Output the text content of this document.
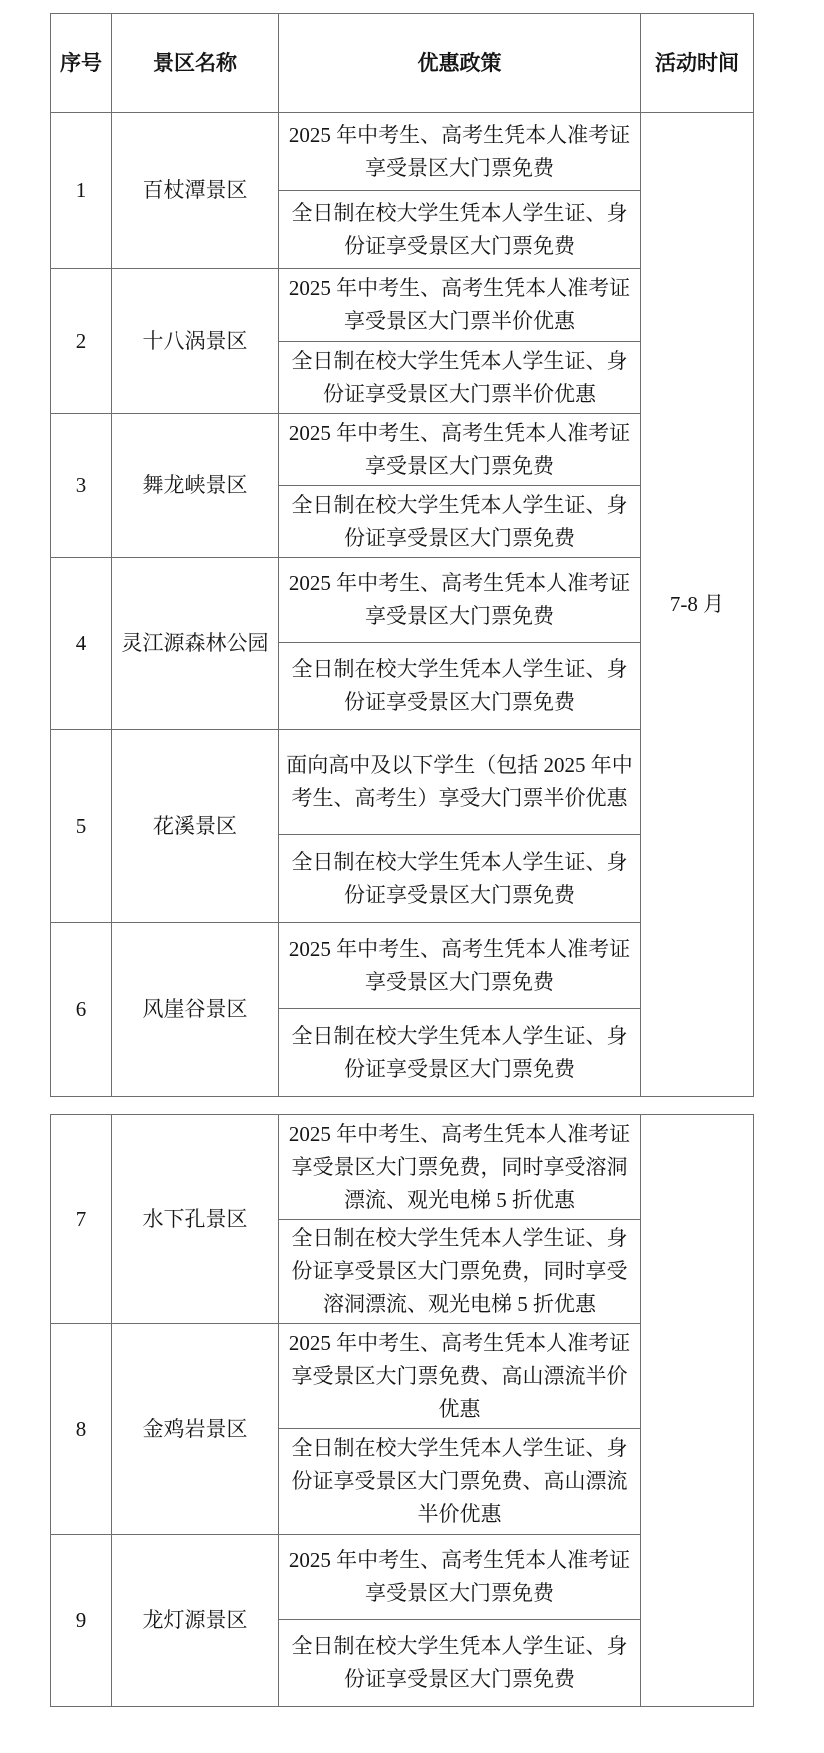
序号	景区名称	优惠政策	活动时间
1	百杖潭景区	2025 年中考生、高考生凭本人准考证享受景区大门票免费	7-8 月
		全日制在校大学生凭本人学生证、身份证享受景区大门票免费	
2	十八涡景区	2025 年中考生、高考生凭本人准考证享受景区大门票半价优惠	
		全日制在校大学生凭本人学生证、身份证享受景区大门票半价优惠	
3	舞龙峡景区	2025 年中考生、高考生凭本人准考证享受景区大门票免费	
		全日制在校大学生凭本人学生证、身份证享受景区大门票免费	
4	灵江源森林公园	2025 年中考生、高考生凭本人准考证享受景区大门票免费	
		全日制在校大学生凭本人学生证、身份证享受景区大门票免费	
5	花溪景区	面向高中及以下学生（包括 2025 年中考生、高考生）享受大门票半价优惠	
		全日制在校大学生凭本人学生证、身份证享受景区大门票免费	
6	风崖谷景区	2025 年中考生、高考生凭本人准考证享受景区大门票免费	
		全日制在校大学生凭本人学生证、身份证享受景区大门票免费	
7	水下孔景区	2025 年中考生、高考生凭本人准考证享受景区大门票免费，同时享受溶洞漂流、观光电梯 5 折优惠	
		全日制在校大学生凭本人学生证、身份证享受景区大门票免费，同时享受溶洞漂流、观光电梯 5 折优惠	
8	金鸡岩景区	2025 年中考生、高考生凭本人准考证享受景区大门票免费、高山漂流半价优惠	
		全日制在校大学生凭本人学生证、身份证享受景区大门票免费、高山漂流半价优惠	
9	龙灯源景区	2025 年中考生、高考生凭本人准考证享受景区大门票免费	
		全日制在校大学生凭本人学生证、身份证享受景区大门票免费	
